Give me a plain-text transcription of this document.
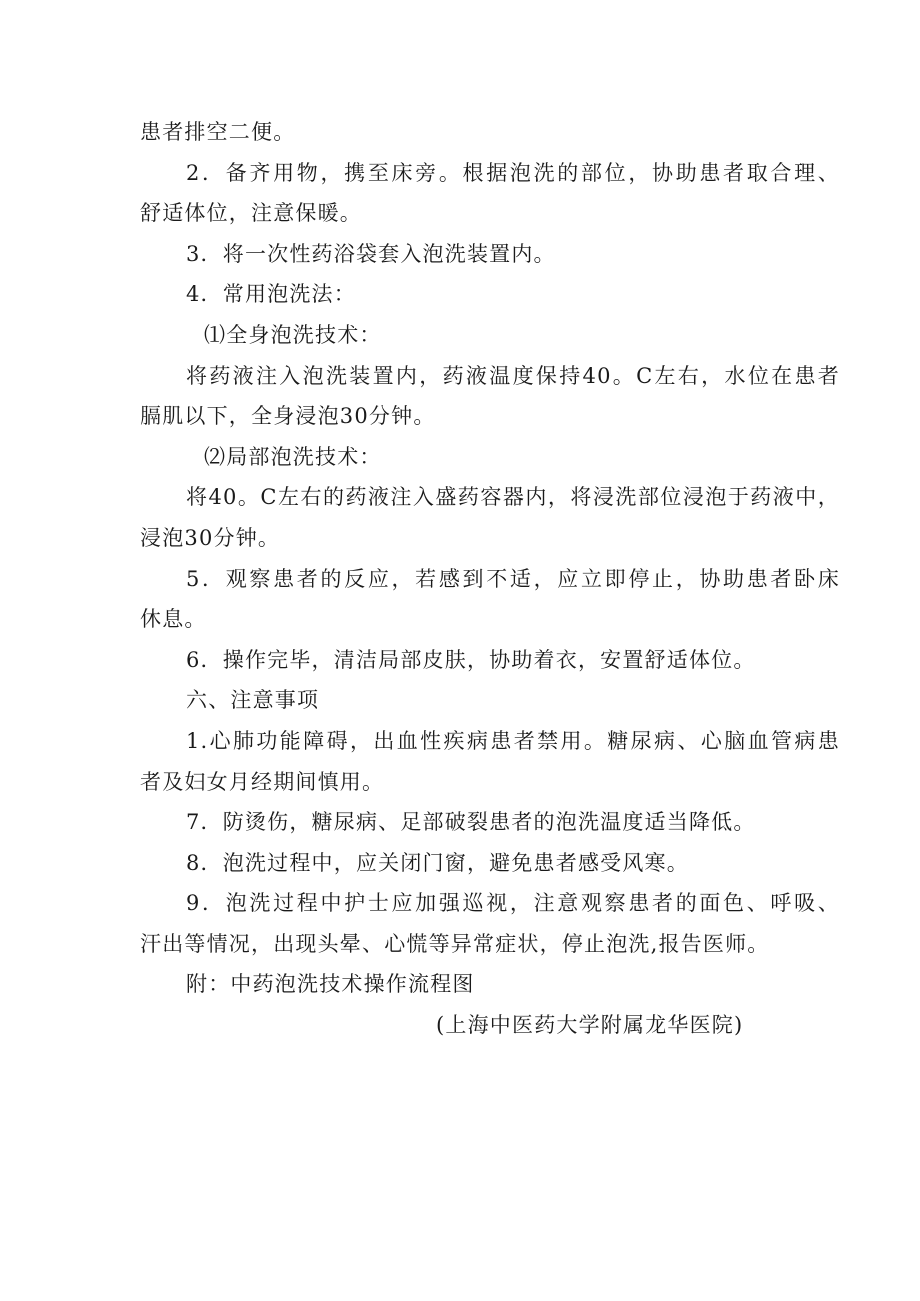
患者排空二便。
2．备齐用物，携至床旁。根据泡洗的部位，协助患者取合理、
舒适体位，注意保暖。
3．将一次性药浴袋套入泡洗装置内。
4．常用泡洗法：
⑴全身泡洗技术：
将药液注入泡洗装置内，药液温度保持40。C左右，水位在患者
膈肌以下，全身浸泡30分钟。
⑵局部泡洗技术：
将40。C左右的药液注入盛药容器内，将浸洗部位浸泡于药液中，
浸泡30分钟。
5．观察患者的反应，若感到不适，应立即停止，协助患者卧床
休息。
6．操作完毕，清洁局部皮肤，协助着衣，安置舒适体位。
六、注意事项
1.心肺功能障碍，出血性疾病患者禁用。糖尿病、心脑血管病患
者及妇女月经期间慎用。
7．防烫伤，糖尿病、足部破裂患者的泡洗温度适当降低。
8．泡洗过程中，应关闭门窗，避免患者感受风寒。
9．泡洗过程中护士应加强巡视，注意观察患者的面色、呼吸、
汗出等情况，出现头晕、心慌等异常症状，停止泡洗,报告医师。
附：中药泡洗技术操作流程图
(上海中医药大学附属龙华医院)
